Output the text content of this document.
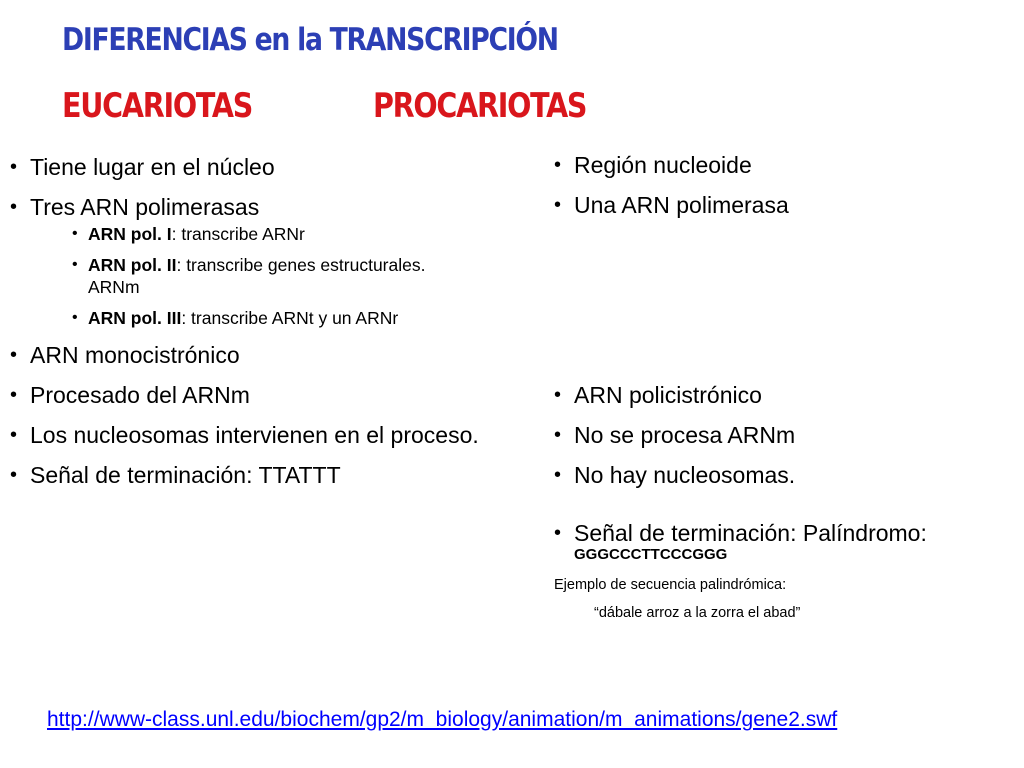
DIFERENCIAS en la TRANSCRIPCIÓN
EUCARIOTAS	PROCARIOTAS
• Tiene lugar en el núcleo
• Tres ARN polimerasas
• ARN pol. I: transcribe ARNr
• ARN pol. II: transcribe genes estructurales. ARNm
• ARN pol. III: transcribe ARNt y un ARNr
• ARN monocistrónico
• Procesado del ARNm
• Los nucleosomas intervienen en el proceso.
• Señal de terminación: TTATTT
• Región nucleoide
• Una ARN polimerasa
• ARN policistrónico
• No se procesa ARNm
• No hay nucleosomas.
• Señal de terminación: Palíndromo:
GGGCCCTTCCCGGG
Ejemplo de secuencia palindrómica:
“dábale arroz a la zorra el abad”
http://www-class.unl.edu/biochem/gp2/m_biology/animation/m_animations/gene2.swf
